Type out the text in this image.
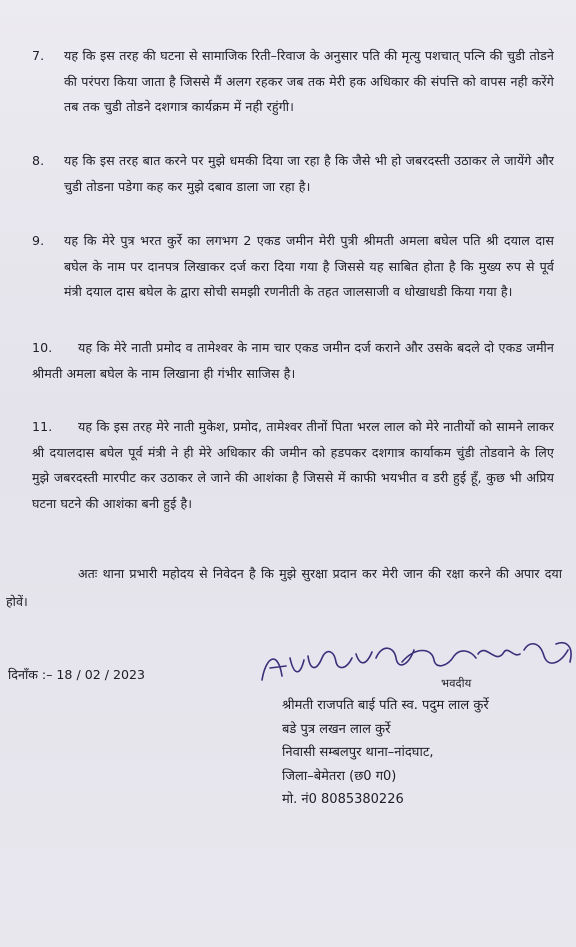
7. यह कि इस तरह की घटना से सामाजिक रिती–रिवाज के अनुसार पति की मृत्यु पशचात् पत्नि की चुडी तोडने की परंपरा किया जाता है जिससे मैं अलग रहकर जब तक मेरी हक अधिकार की संपत्ति को वापस नही करेंगे तब तक चुडी तोडने दशगात्र कार्यक्रम में नही रहुंगी।
8. यह कि इस तरह बात करने पर मुझे धमकी दिया जा रहा है कि जैसे भी हो जबरदस्ती उठाकर ले जायेंगे और चुडी तोडना पडेगा कह कर मुझे दबाव डाला जा रहा है।
9. यह कि मेरे पुत्र भरत कुर्रे का लगभग 2 एकड जमीन मेरी पुत्री श्रीमती अमला बघेल पति श्री दयाल दास बघेल के नाम पर दानपत्र लिखाकर दर्ज करा दिया गया है जिससे यह साबित होता है कि मुख्य रुप से पूर्व मंत्री दयाल दास बघेल के द्वारा सोची समझी रणनीती के तहत जालसाजी व धोखाधडी किया गया है।
10.	यह कि मेरे नाती प्रमोद व तामेश्वर के नाम चार एकड जमीन दर्ज कराने और उसके बदले दो एकड जमीन श्रीमती अमला बघेल के नाम लिखाना ही गंभीर साजिस है।
11.	यह कि इस तरह मेरे नाती मुकेश, प्रमोद, तामेश्वर तीनों पिता भरल लाल को मेरे नातीयों को सामने लाकर श्री दयालदास बघेल पूर्व मंत्री ने ही मेरे अधिकार की जमीन को हडपकर दशगात्र कार्याकम चुंडी तोडवाने के लिए मुझे जबरदस्ती मारपीट कर उठाकर ले जाने की आशंका है जिससे में काफी भयभीत व डरी हुई हूँ, कुछ भी अप्रिय घटना घटने की आशंका बनी हुई है।
अतः थाना प्रभारी महोदय से निवेदन है कि मुझे सुरक्षा प्रदान कर मेरी जान की रक्षा करने की अपार दया होवें।
दिनाँक :– 18 / 02 / 2023	आ रो दिकृवारते
भवदीय
श्रीमती राजपति बाई पति स्व. पदुम लाल कुर्रे
बडे पुत्र लखन लाल कुर्रे
निवासी सम्बलपुर थाना–नांदघाट,
जिला–बेमेतरा (छ0 ग0)
मो. नं0 8085380226
